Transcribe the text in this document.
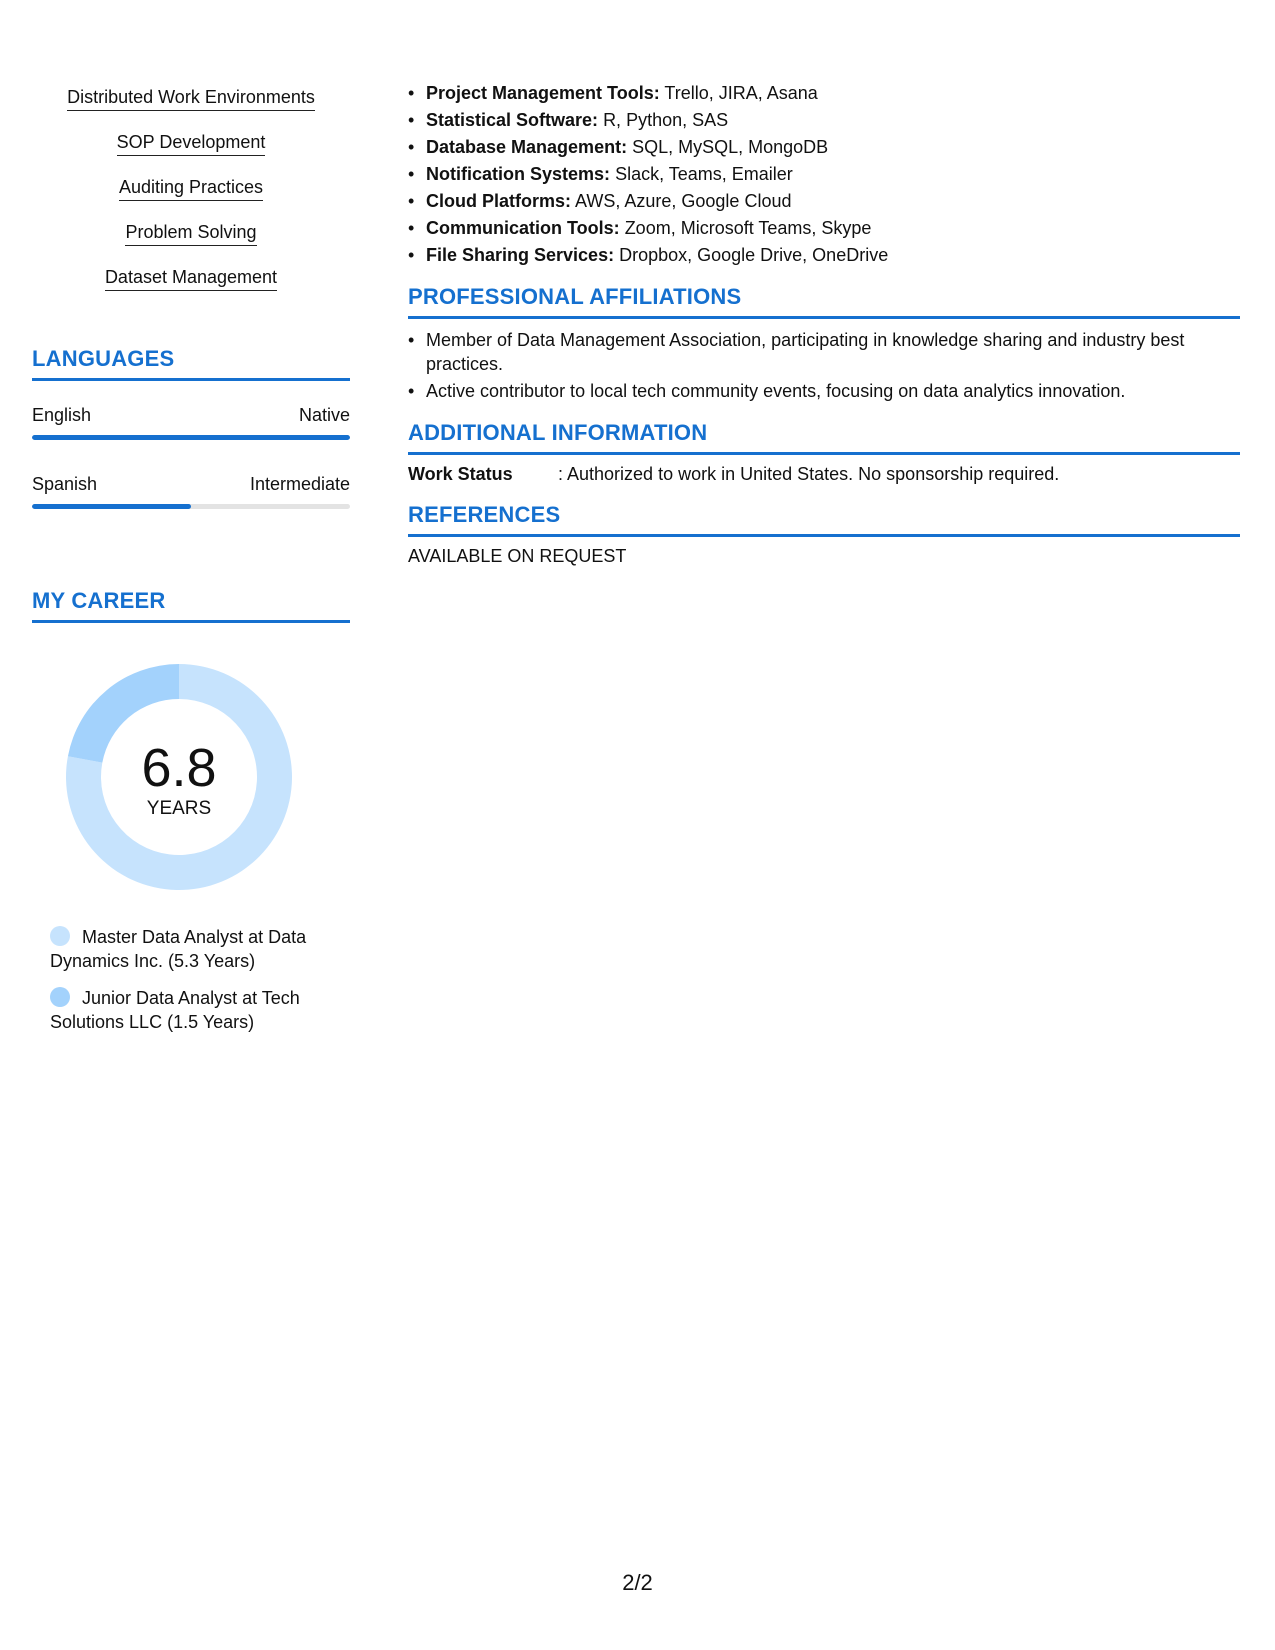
Distributed Work Environments
SOP Development
Auditing Practices
Problem Solving
Dataset Management
LANGUAGES
English	Native
Spanish	Intermediate
MY CAREER
6.8
YEARS
Master Data Analyst at Data Dynamics Inc. (5.3 Years)
Junior Data Analyst at Tech Solutions LLC (1.5 Years)
• Project Management Tools: Trello, JIRA, Asana
• Statistical Software: R, Python, SAS
• Database Management: SQL, MySQL, MongoDB
• Notification Systems: Slack, Teams, Emailer
• Cloud Platforms: AWS, Azure, Google Cloud
• Communication Tools: Zoom, Microsoft Teams, Skype
• File Sharing Services: Dropbox, Google Drive, OneDrive
PROFESSIONAL AFFILIATIONS
• Member of Data Management Association, participating in knowledge sharing and industry best practices.
• Active contributor to local tech community events, focusing on data analytics innovation.
ADDITIONAL INFORMATION
Work Status	: Authorized to work in United States. No sponsorship required.
REFERENCES
AVAILABLE ON REQUEST
2/2
